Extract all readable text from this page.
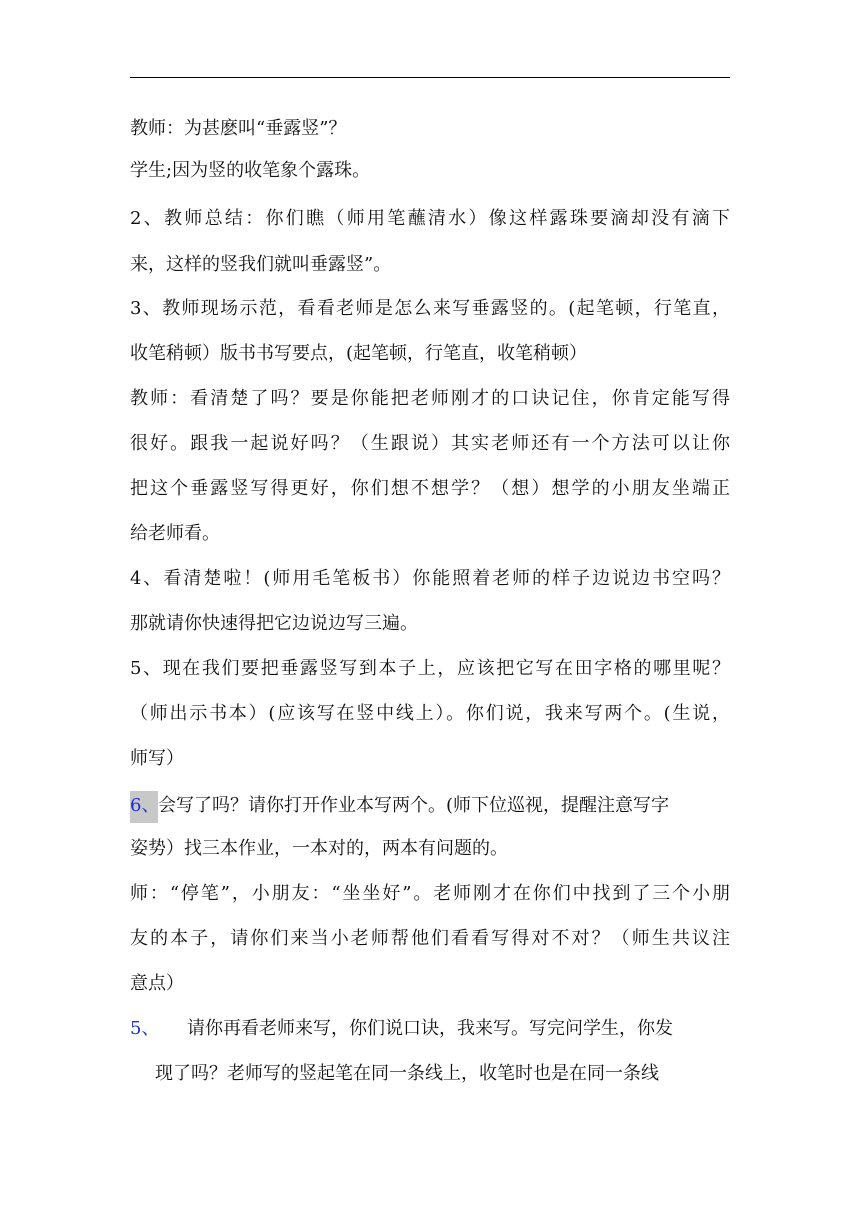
教师：为甚麽叫“垂露竖”？
学生;因为竖的收笔象个露珠。
2、教师总结：你们瞧（师用笔蘸清水）像这样露珠要滴却没有滴下
来，这样的竖我们就叫垂露竖”。
3、教师现场示范，看看老师是怎么来写垂露竖的。(起笔顿，行笔直，
收笔稍顿）版书书写要点，(起笔顿，行笔直，收笔稍顿）
教师：看清楚了吗？要是你能把老师刚才的口诀记住，你肯定能写得
很好。跟我一起说好吗？（生跟说）其实老师还有一个方法可以让你
把这个垂露竖写得更好，你们想不想学？（想）想学的小朋友坐端正
给老师看。
4、看清楚啦！(师用毛笔板书）你能照着老师的样子边说边书空吗？
那就请你快速得把它边说边写三遍。
5、现在我们要把垂露竖写到本子上，应该把它写在田字格的哪里呢？
（师出示书本）(应该写在竖中线上）。你们说，我来写两个。(生说，
师写）
6、会写了吗？请你打开作业本写两个。(师下位巡视，提醒注意写字
姿势）找三本作业，一本对的，两本有问题的。
师：“停笔”，小朋友：“坐坐好”。老师刚才在你们中找到了三个小朋
友的本子，请你们来当小老师帮他们看看写得对不对？（师生共议注
意点）
5、 请你再看老师来写，你们说口诀，我来写。写完问学生，你发
现了吗？老师写的竖起笔在同一条线上，收笔时也是在同一条线
